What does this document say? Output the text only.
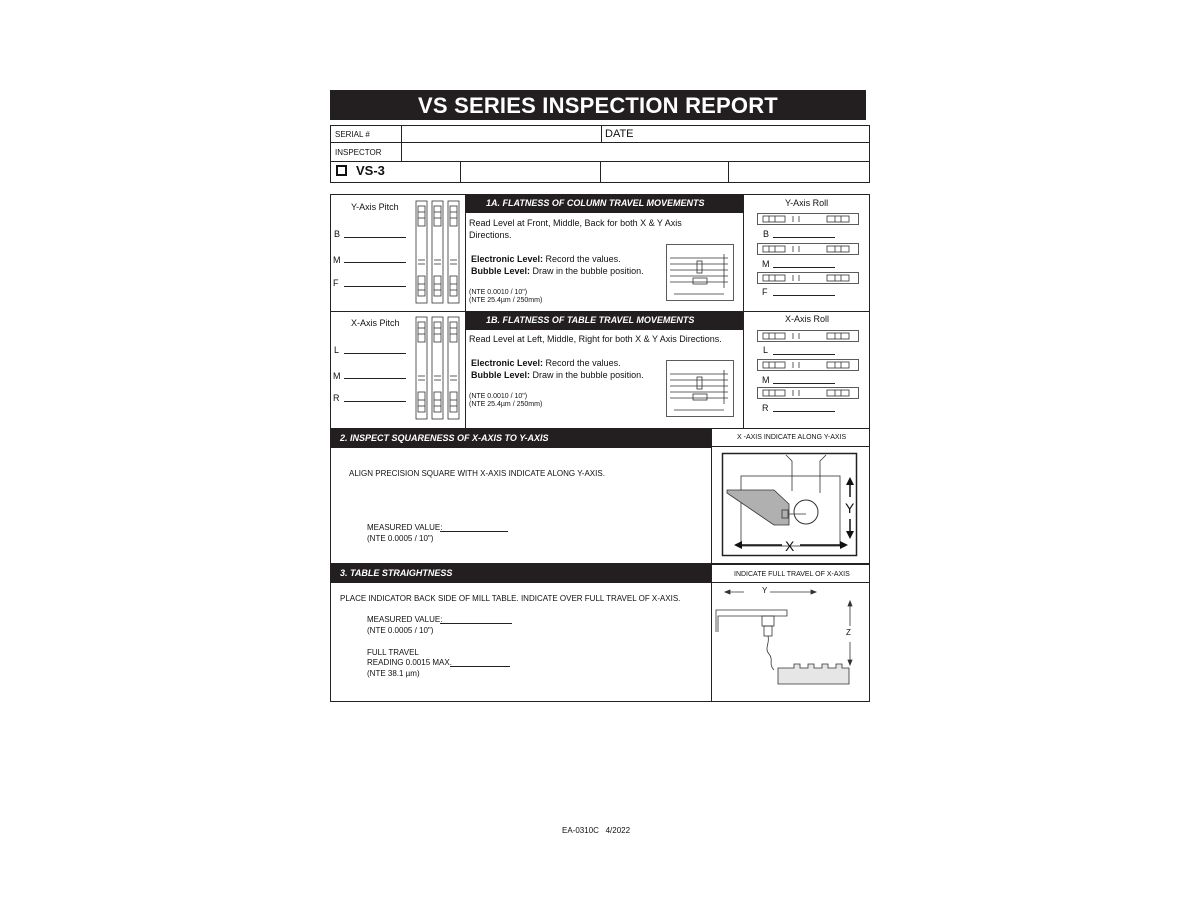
VS SERIES INSPECTION REPORT
SERIAL #	DATE
INSPECTOR
VS-3
1A. FLATNESS OF COLUMN TRAVEL MOVEMENTS
Y-Axis Pitch
B
M
F
Read Level at Front, Middle, Back for both X & Y Axis
Directions.
Electronic Level: Record the values.
Bubble Level: Draw in the bubble position.
(NTE 0.0010 / 10")
(NTE 25.4µm / 250mm)
Y-Axis Roll
B
M
F
1B. FLATNESS OF TABLE TRAVEL MOVEMENTS
X-Axis Pitch
L
M
R
Read Level at Left, Middle, Right for both X & Y Axis Directions.
Electronic Level: Record the values.
Bubble Level: Draw in the bubble position.
(NTE 0.0010 / 10")
(NTE 25.4µm / 250mm)
X-Axis Roll
L
M
R
2. INSPECT SQUARENESS OF X-AXIS TO Y-AXIS	X -AXIS INDICATE ALONG Y-AXIS
ALIGN PRECISION SQUARE WITH X-AXIS INDICATE ALONG Y-AXIS.
MEASURED VALUE:
(NTE 0.0005 / 10")	X
Y
3. TABLE STRAIGHTNESS	INDICATE FULL TRAVEL OF X-AXIS
PLACE INDICATOR BACK SIDE OF MILL TABLE. INDICATE OVER FULL TRAVEL OF X-AXIS.
MEASURED VALUE:
(NTE 0.0005 / 10")
FULL TRAVEL
READING 0.0015 MAX.
(NTE 38.1 µm)
Y
Z
EA-0310C 4/2022
